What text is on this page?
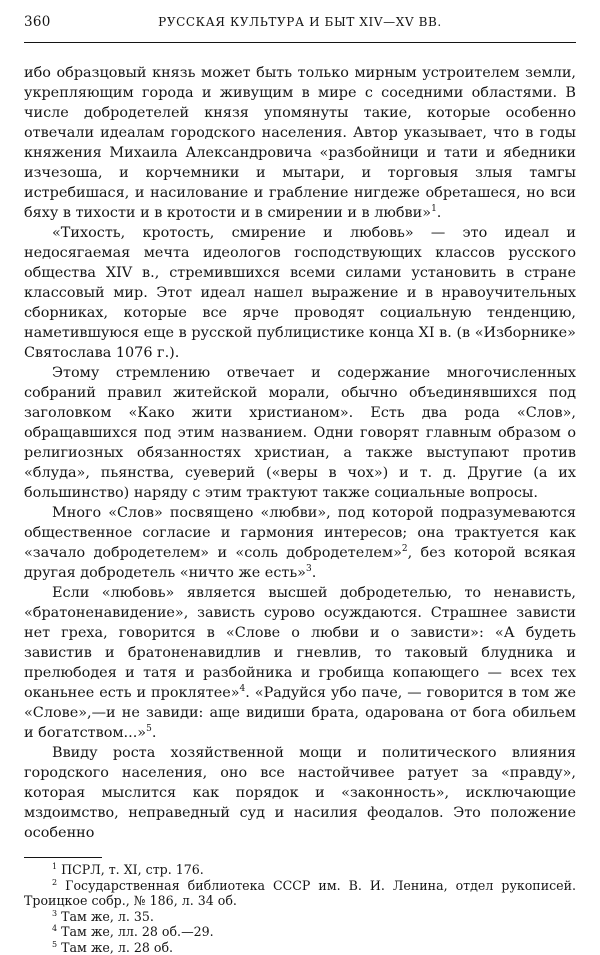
360	РУССКАЯ КУЛЬТУРА И БЫТ XIV—XV ВВ.

ибо образцовый князь может быть только мирным устроителем земли, укрепляющим города и живущим в мире с соседними областями. В числе добродетелей князя упомянуты такие, которые особенно отвечали идеалам городского населения. Автор указывает, что в годы княжения Михаила Александровича «разбойници и тати и ябедники изчезоша, и корчемники и мытари, и торговыя злыя тамгы истребишася, и насилование и грабление нигдеже обреташеся, но вси бяху в тихости и в кротости и в смирении и в любви»$^1$.

«Тихость, кротость, смирение и любовь» — это идеал и недосягаемая мечта идеологов господствующих классов русского общества XIV в., стремившихся всеми силами установить в стране классовый мир. Этот идеал нашел выражение и в нравоучительных сборниках, которые все ярче проводят социальную тенденцию, наметившуюся еще в русской публицистике конца XI в. (в «Изборнике» Святослава 1076 г.).

Этому стремлению отвечает и содержание многочисленных собраний правил житейской морали, обычно объединявшихся под заголовком «Како жити христианом». Есть два рода «Слов», обращавшихся под этим названием. Одни говорят главным образом о религиозных обязанностях христиан, а также выступают против «блуда», пьянства, суеверий («веры в чох») и т. д. Другие (а их большинство) наряду с этим трактуют также социальные вопросы.

Много «Слов» посвящено «любви», под которой подразумеваются общественное согласие и гармония интересов; она трактуется как «зачало добродетелем» и «соль добродетелем»$^2$, без которой всякая другая добродетель «ничто же есть»$^3$.

Если «любовь» является высшей добродетелью, то ненависть, «братоненавидение», зависть сурово осуждаются. Страшнее зависти нет греха, говорится в «Слове о любви и о зависти»: «А будеть завистив и братоненавидлив и гневлив, то таковый блудника и прелюбодея и татя и разбойника и гробища копающего — всех тех оканьнее есть и проклятее»$^4$. «Радуйся убо паче, — говорится в том же «Слове»,—и не завиди: аще видиши брата, одарована от бога обильем и богатством...»$^5$.

Ввиду роста хозяйственной мощи и политического влияния городского населения, оно все настойчивее ратует за «правду», которая мыслится как порядок и «законность», исключающие мздоимство, неправедный суд и насилия феодалов. Это положение особенно

$^1$ ПСРЛ, т. XI, стр. 176.

$^2$ Государственная библиотека СССР им. В. И. Ленина, отдел рукописей. Троицкое собр., № 186, л. 34 об.

$^3$ Там же, л. 35.

$^4$ Там же, лл. 28 об.—29.

$^5$ Там же, л. 28 об.
